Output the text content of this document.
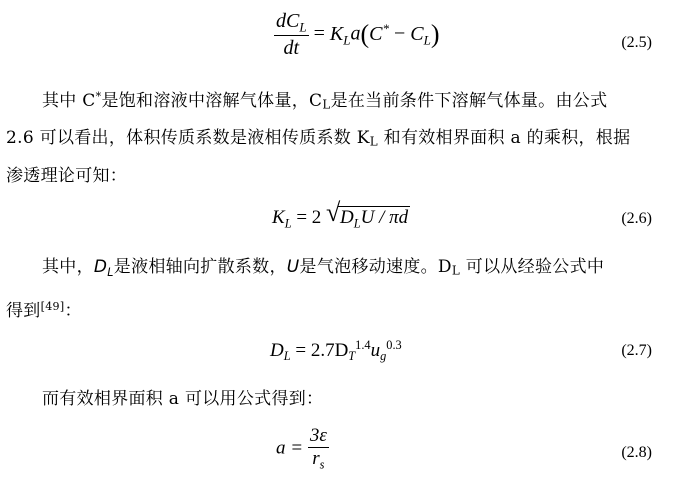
$\frac{dC_L}{dt} = K_La(C^* - C_L)$	(2.5)
其中 C*是饱和溶液中溶解气体量，$C_L$是在当前条件下溶解气体量。由公式
2.6 可以看出，体积传质系数是液相传质系数 $K_L$ 和有效相界面积 a 的乘积，根据
渗透理论可知：
$K_L = 2$ √ $D_LU$ / πd	(2.6)
其中，$D_L$是液相轴向扩散系数，U是气泡移动速度。$D_L$ 可以从经验公式中
得到[49]：
$D_L = 2.7D_T^{1.4}u_g^{0.3}$	(2.7)
而有效相界面积 a 可以用公式得到：
$a = \frac{3\varepsilon}{r_s}$	(2.8)
